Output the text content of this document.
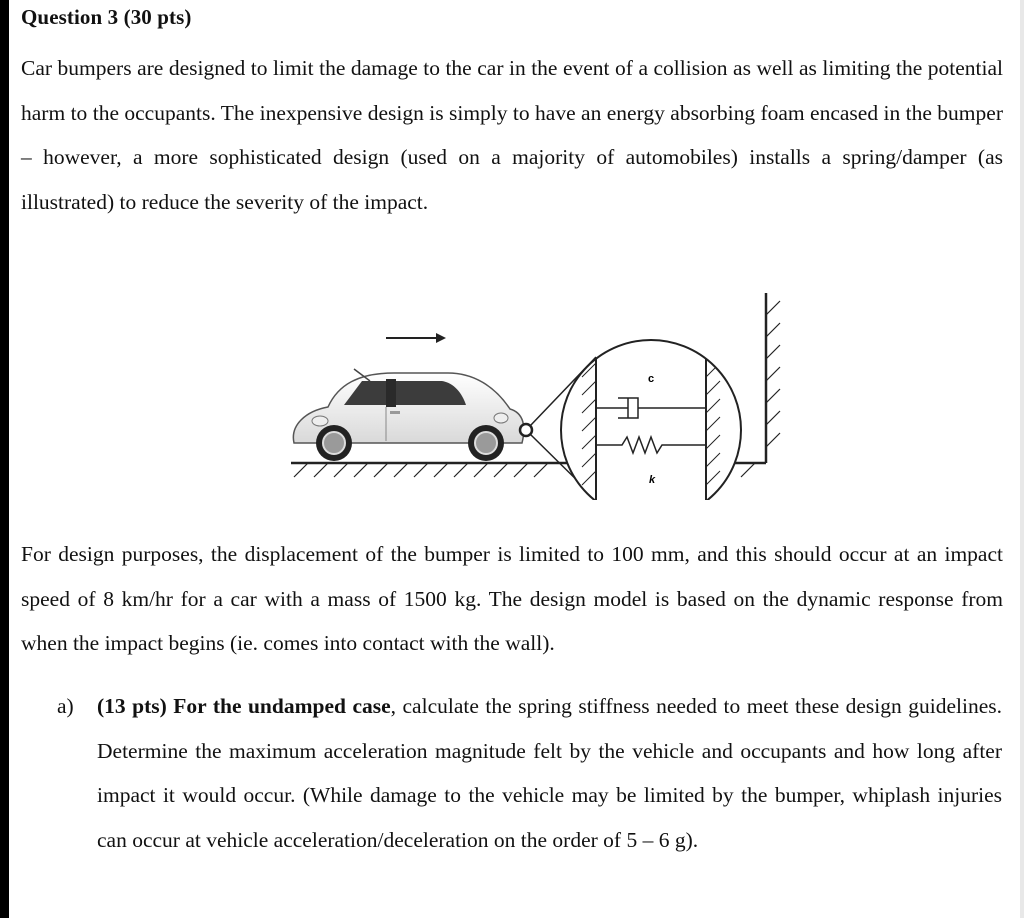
Question 3 (30 pts)
Car bumpers are designed to limit the damage to the car in the event of a collision as well as limiting the potential harm to the occupants. The inexpensive design is simply to have an energy absorbing foam encased in the bumper – however, a more sophisticated design (used on a majority of automobiles) installs a spring/damper (as illustrated) to reduce the severity of the impact.
c
k
For design purposes, the displacement of the bumper is limited to 100 mm, and this should occur at an impact speed of 8 km/hr for a car with a mass of 1500 kg. The design model is based on the dynamic response from when the impact begins (ie. comes into contact with the wall).
a) (13 pts) For the undamped case, calculate the spring stiffness needed to meet these design guidelines. Determine the maximum acceleration magnitude felt by the vehicle and occupants and how long after impact it would occur. (While damage to the vehicle may be limited by the bumper, whiplash injuries can occur at vehicle acceleration/deceleration on the order of 5 – 6 g).
